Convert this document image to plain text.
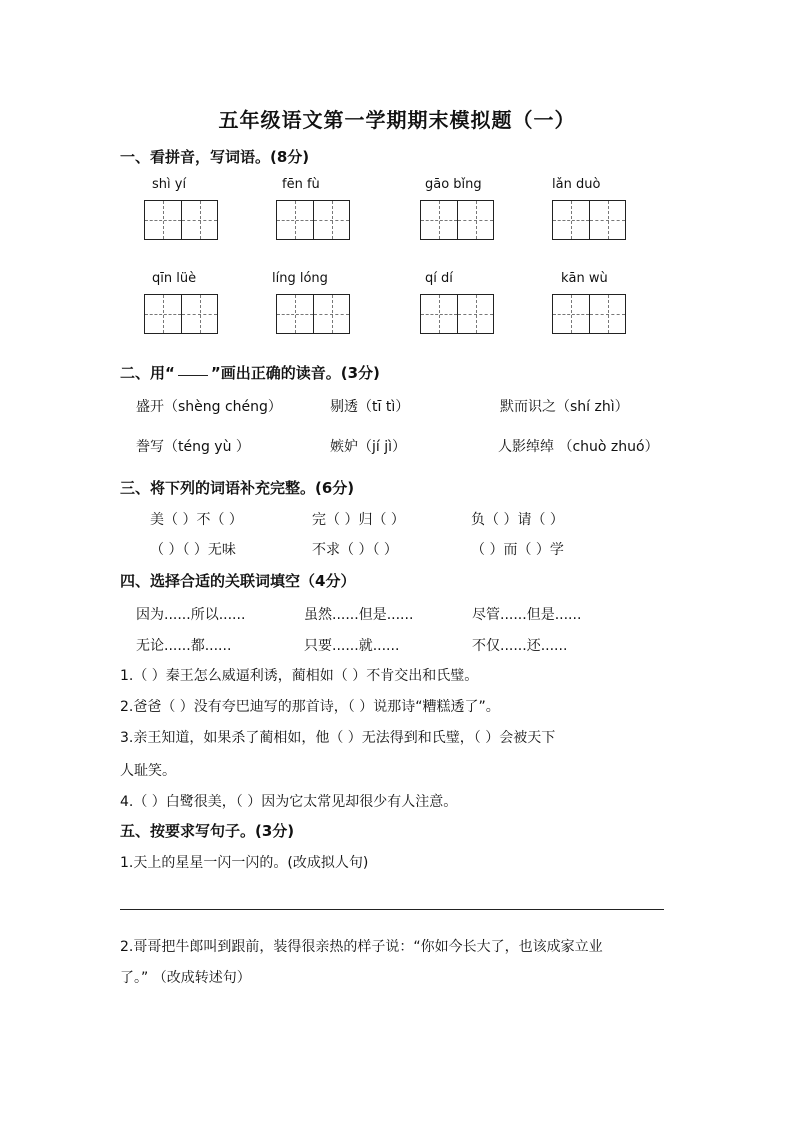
五年级语文第一学期期末模拟题（一）
一、看拼音，写词语。(8分)
shì yí	fēn fù	gāo bǐng	lǎn duò
qīn lüè	líng lóng	qí dí	kān wù
二、用“ ”画出正确的读音。(3分)
盛开（shèng chéng）	剔透（tī tì）	默而识之（shí zhì）
誊写（téng yù ）	嫉妒（jí jì）	人影绰绰 （chuò zhuó）
三、将下列的词语补充完整。(6分)
美（ ）不（ ）	完（ ）归（ ）	负（ ）请（ ）
（ ）（ ）无味	不求（ ）（ ）	（ ）而（ ）学
四、选择合适的关联词填空（4分）
因为......所以......	虽然......但是......	尽管......但是......
无论......都......	只要......就......	不仅......还......
1.（ ）秦王怎么威逼利诱，蔺相如（ ）不肯交出和氏璧。
2.爸爸（ ）没有夸巴迪写的那首诗，（ ）说那诗“糟糕透了”。
3.亲王知道，如果杀了蔺相如，他（ ）无法得到和氏璧，（ ）会被天下
人耻笑。
4.（ ）白鹭很美，（ ）因为它太常见却很少有人注意。
五、按要求写句子。(3分)
1.天上的星星一闪一闪的。(改成拟人句)
2.哥哥把牛郎叫到跟前，装得很亲热的样子说：“你如今长大了，也该成家立业
了。” （改成转述句）
